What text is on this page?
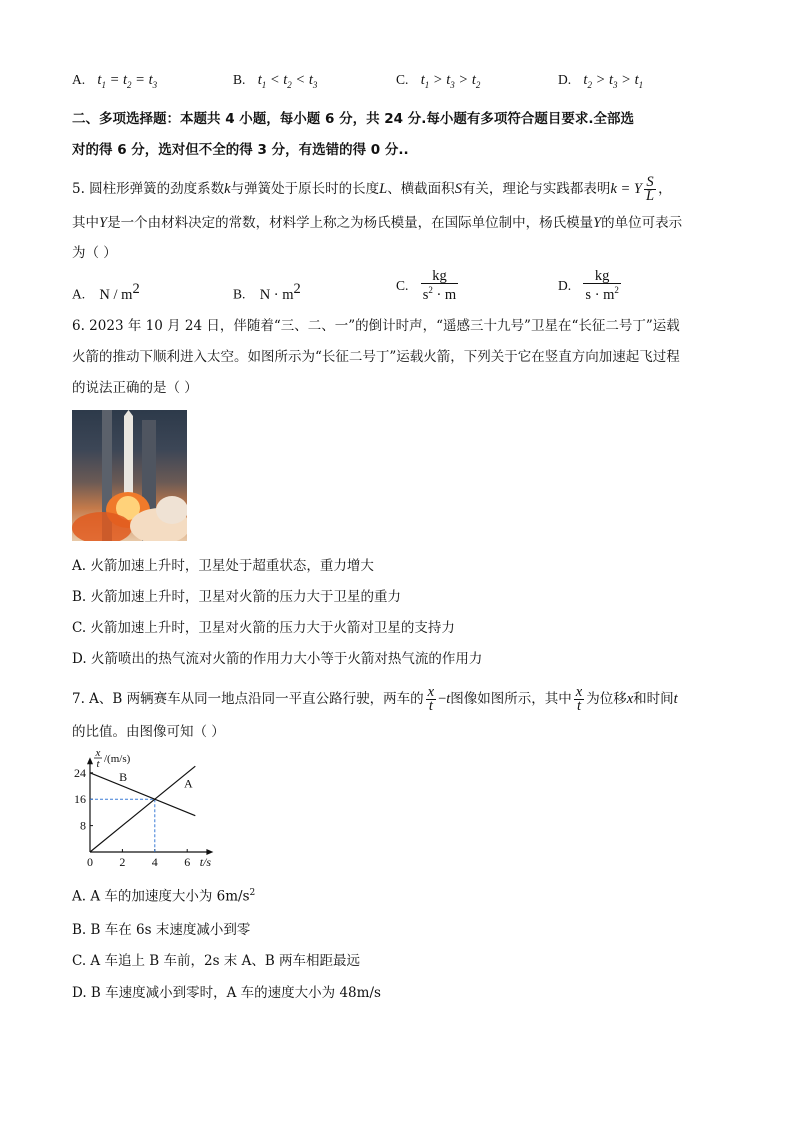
A. $t_1 = t_2 = t_3$	B. $t_1 < t_2 < t_3$	C. $t_1 > t_3 > t_2$	D. $t_2 > t_3 > t_1$
二、多项选择题：本题共 4 小题，每小题 6 分，共 24 分.每小题有多项符合题目要求.全部选
对的得 6 分，选对但不全的得 3 分，有选错的得 0 分..
5. 圆柱形弹簧的劲度系数k与弹簧处于原长时的长度L、横截面积S有关，理论与实践都表明k = Y $\frac{S}{L}$ ，
其中Y是一个由材料决定的常数，材料学上称之为杨氏模量，在国际单位制中，杨氏模量Y的单位可表示
为（ ）
A. N / $m^2$	B. $N \cdot m^2$	C. $\frac{kg}{s^2 \cdot m}$	D. $\frac{kg}{s \cdot m^2}$
6. 2023 年 10 月 24 日，伴随着“三、二、一”的倒计时声，“遥感三十九号”卫星在“长征二号丁”运载
火箭的推动下顺利进入太空。如图所示为“长征二号丁”运载火箭，下列关于它在竖直方向加速起飞过程
的说法正确的是（ ）
A. 火箭加速上升时，卫星处于超重状态，重力增大
B. 火箭加速上升时，卫星对火箭的压力大于卫星的重力
C. 火箭加速上升时，卫星对火箭的压力大于火箭对卫星的支持力
D. 火箭喷出的热气流对火箭的作用力大小等于火箭对热气流的作用力
7. A、B 两辆赛车从同一地点沿同一平直公路行驶，两车的 $\frac{x}{t} -t$图像如图所示，其中 $\frac{x}{t}$ 为位移x和时间t
的比值。由图像可知（ ）
0 2 4 6
8
16
24
t/s
x
t /(m/s)
A
B
A. A 车的加速度大小为 $6m/s^2$
B. B 车在 6s 末速度减小到零
C. A 车追上 B 车前，2s 末 A、B 两车相距最远
D. B 车速度减小到零时，A 车的速度大小为 48m/s
